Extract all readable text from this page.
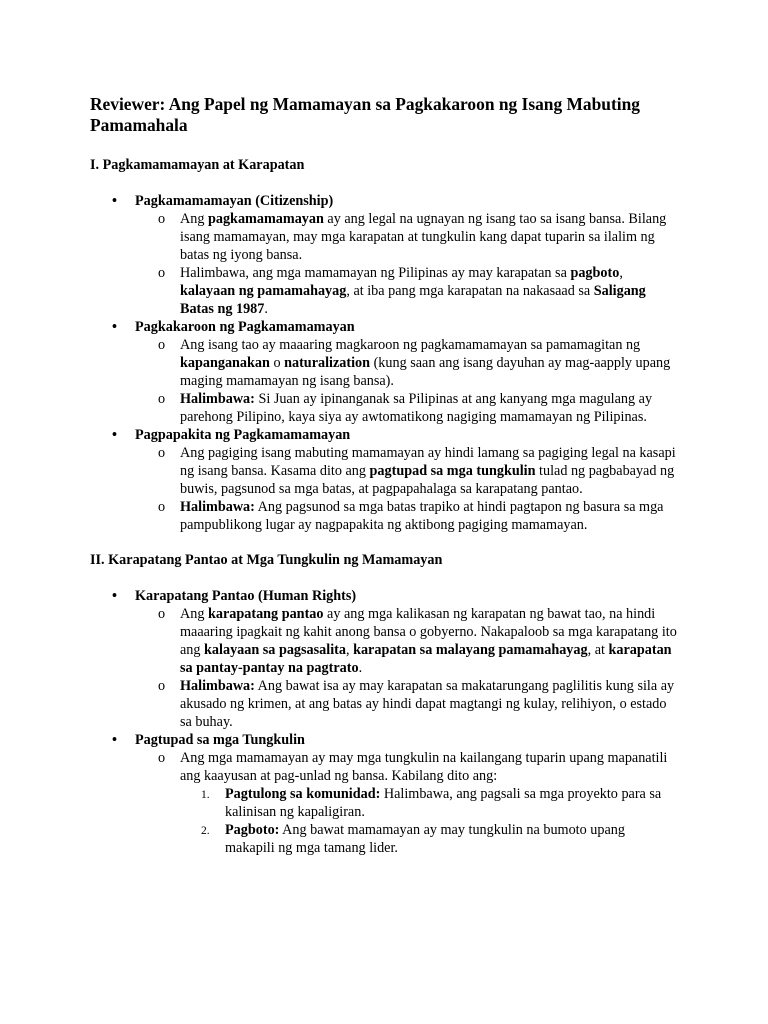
Reviewer: Ang Papel ng Mamamayan sa Pagkakaroon ng Isang Mabuting Pamamahala
I. Pagkamamamayan at Karapatan
• Pagkamamamayan (Citizenship)
o Ang pagkamamamayan ay ang legal na ugnayan ng isang tao sa isang bansa. Bilang isang mamamayan, may mga karapatan at tungkulin kang dapat tuparin sa ilalim ng batas ng iyong bansa.
o Halimbawa, ang mga mamamayan ng Pilipinas ay may karapatan sa pagboto, kalayaan ng pamamahayag, at iba pang mga karapatan na nakasaad sa Saligang Batas ng 1987.
• Pagkakaroon ng Pagkamamamayan
o Ang isang tao ay maaaring magkaroon ng pagkamamamayan sa pamamagitan ng kapanganakan o naturalization (kung saan ang isang dayuhan ay mag-aapply upang maging mamamayan ng isang bansa).
o Halimbawa: Si Juan ay ipinanganak sa Pilipinas at ang kanyang mga magulang ay parehong Pilipino, kaya siya ay awtomatikong nagiging mamamayan ng Pilipinas.
• Pagpapakita ng Pagkamamamayan
o Ang pagiging isang mabuting mamamayan ay hindi lamang sa pagiging legal na kasapi ng isang bansa. Kasama dito ang pagtupad sa mga tungkulin tulad ng pagbabayad ng buwis, pagsunod sa mga batas, at pagpapahalaga sa karapatang pantao.
o Halimbawa: Ang pagsunod sa mga batas trapiko at hindi pagtapon ng basura sa mga pampublikong lugar ay nagpapakita ng aktibong pagiging mamamayan.
II. Karapatang Pantao at Mga Tungkulin ng Mamamayan
• Karapatang Pantao (Human Rights)
o Ang karapatang pantao ay ang mga kalikasan ng karapatan ng bawat tao, na hindi maaaring ipagkait ng kahit anong bansa o gobyerno. Nakapaloob sa mga karapatang ito ang kalayaan sa pagsasalita, karapatan sa malayang pamamahayag, at karapatan sa pantay-pantay na pagtrato.
o Halimbawa: Ang bawat isa ay may karapatan sa makatarungang paglilitis kung sila ay akusado ng krimen, at ang batas ay hindi dapat magtangi ng kulay, relihiyon, o estado sa buhay.
• Pagtupad sa mga Tungkulin
o Ang mga mamamayan ay may mga tungkulin na kailangang tuparin upang mapanatili ang kaayusan at pag-unlad ng bansa. Kabilang dito ang:
1. Pagtulong sa komunidad: Halimbawa, ang pagsali sa mga proyekto para sa kalinisan ng kapaligiran.
2. Pagboto: Ang bawat mamamayan ay may tungkulin na bumoto upang makapili ng mga tamang lider.
